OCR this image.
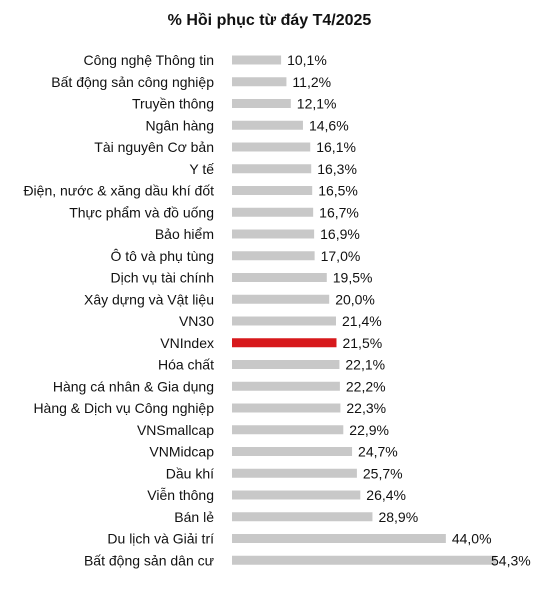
% Hồi phục từ đáy T4/2025
Công nghệ Thông tin	10,1%
Bất động sản công nghiệp	11,2%
Truyền thông	12,1%
Ngân hàng	14,6%
Tài nguyên Cơ bản	16,1%
Y tế	16,3%
Điện, nước & xăng dầu khí đốt	16,5%
Thực phẩm và đồ uống	16,7%
Bảo hiểm	16,9%
Ô tô và phụ tùng	17,0%
Dịch vụ tài chính	19,5%
Xây dựng và Vật liệu	20,0%
VN30	21,4%
VNIndex	21,5%
Hóa chất	22,1%
Hàng cá nhân & Gia dụng	22,2%
Hàng & Dịch vụ Công nghiệp	22,3%
VNSmallcap	22,9%
VNMidcap	24,7%
Dầu khí	25,7%
Viễn thông	26,4%
Bán lẻ	28,9%
Du lịch và Giải trí	44,0%
Bất động sản dân cư	54,3%
